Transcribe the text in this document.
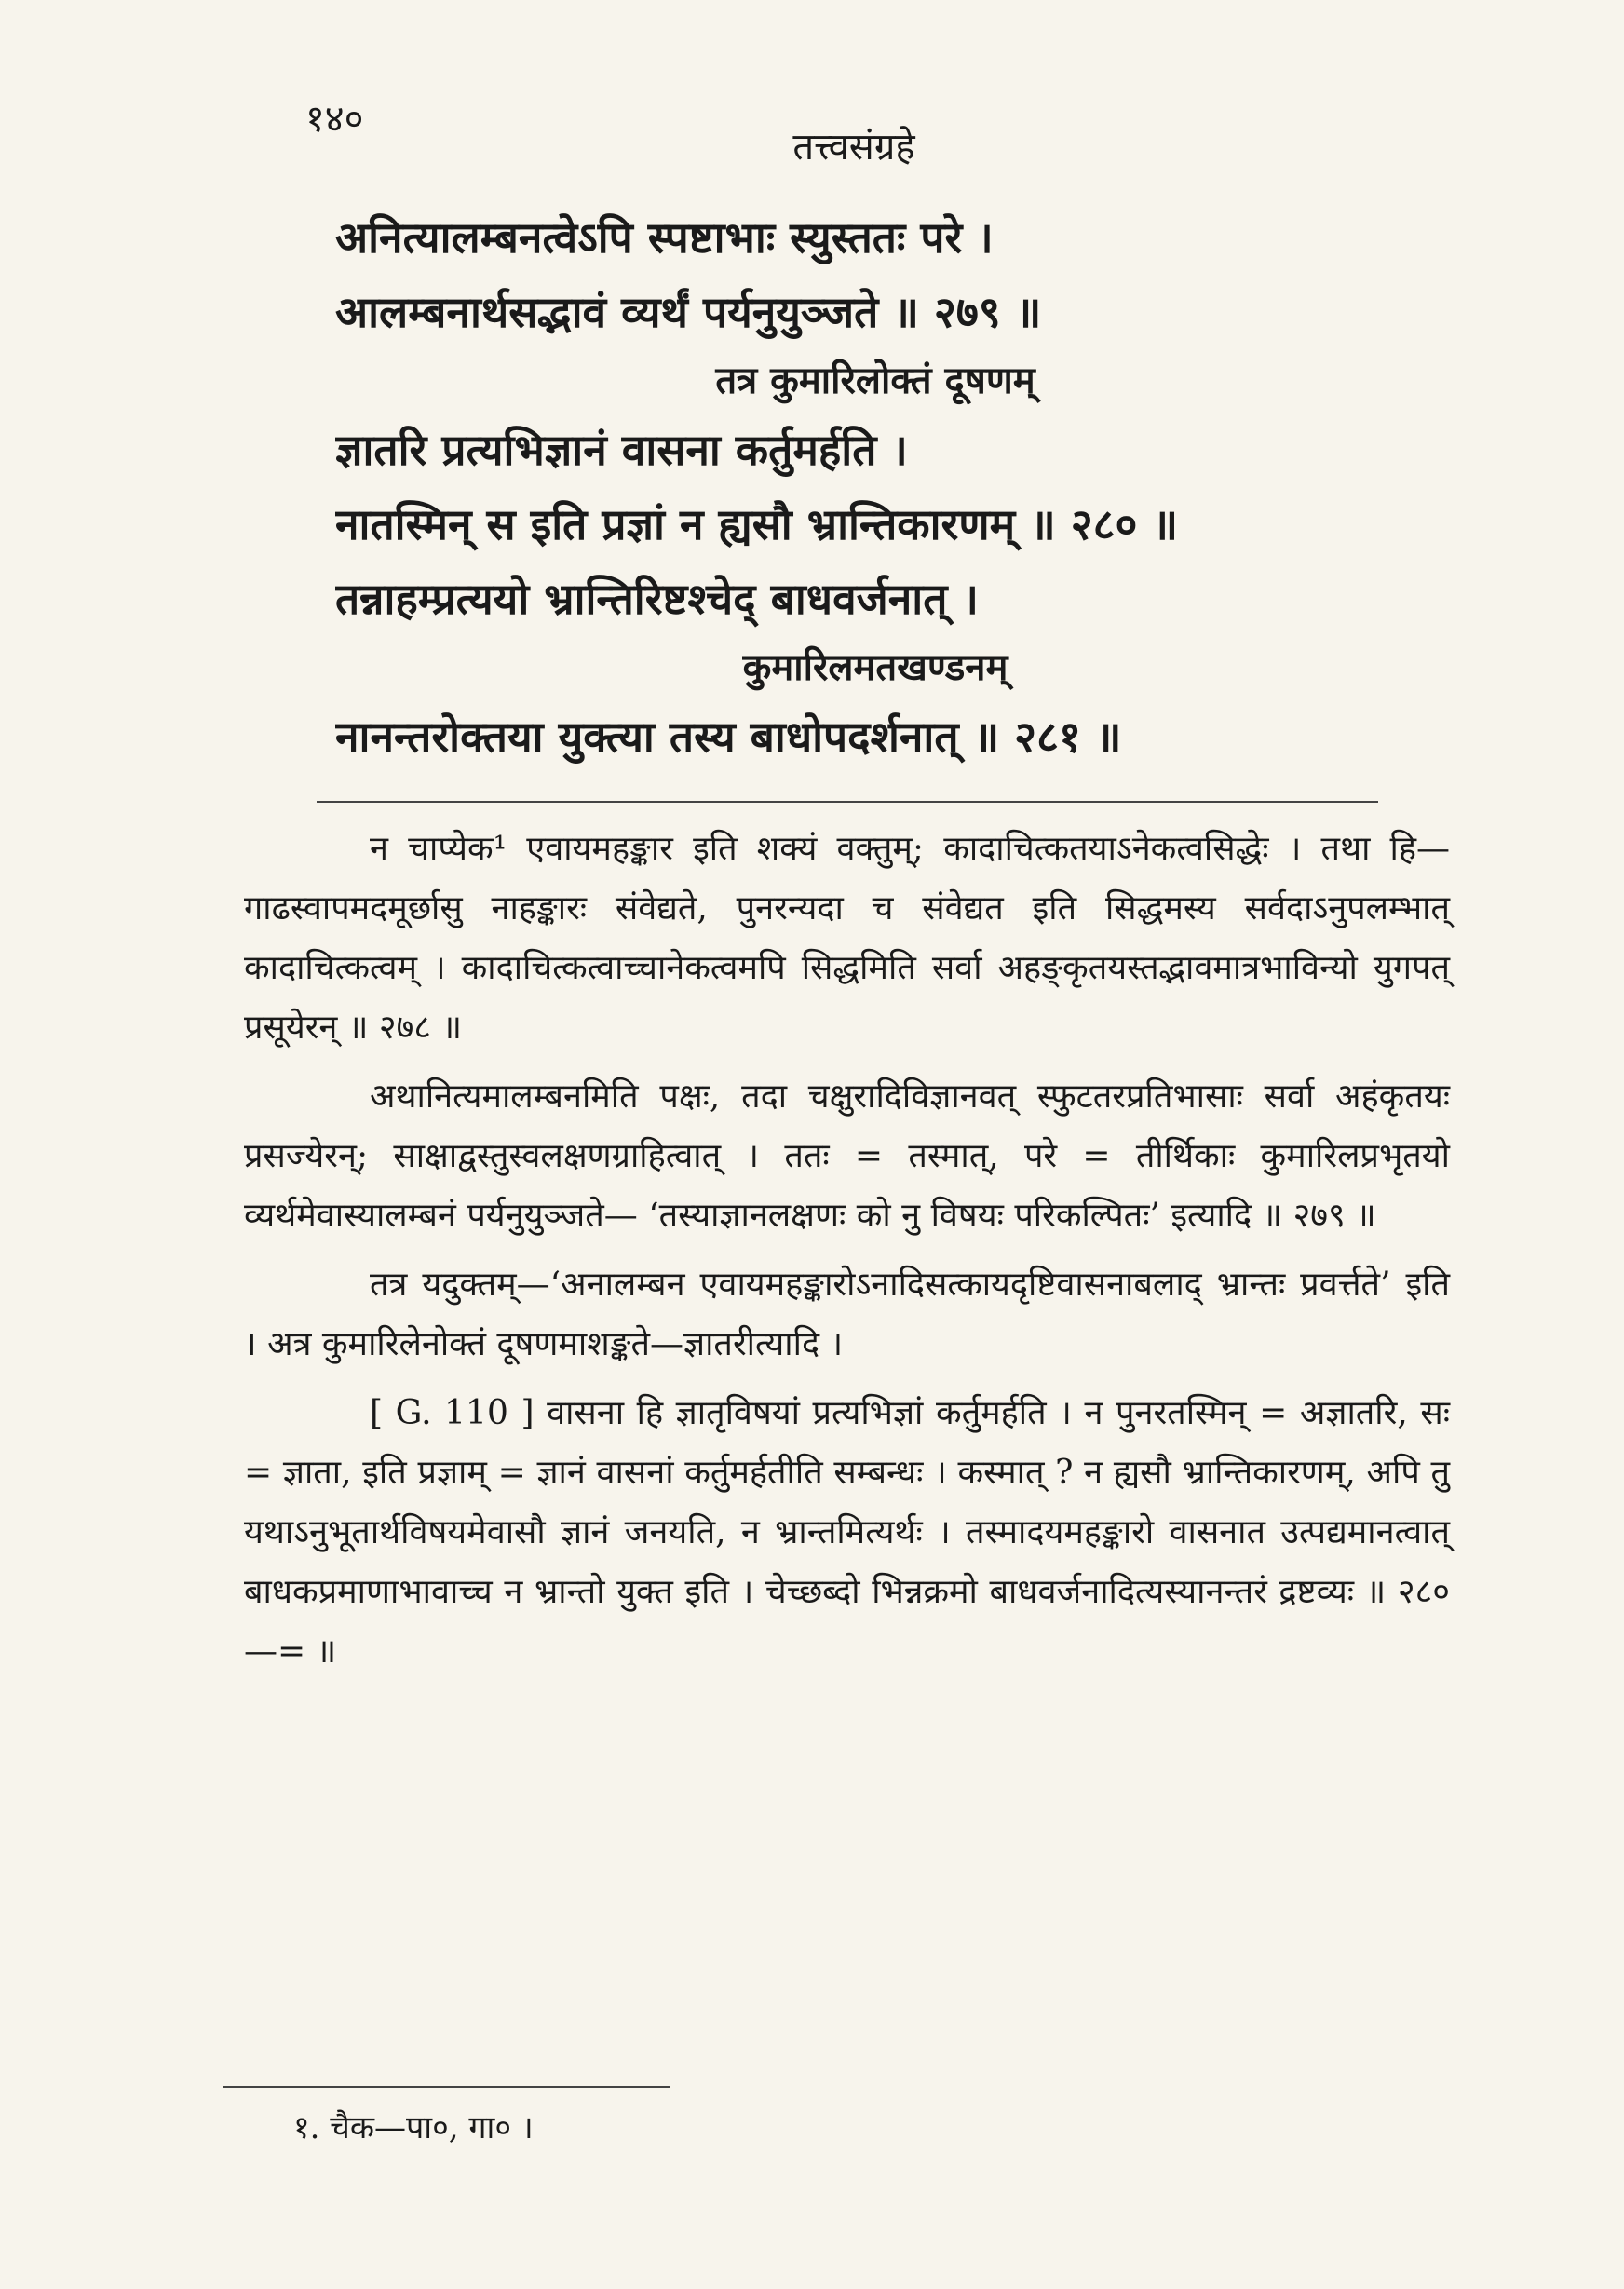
१४०
तत्त्वसंग्रहे
अनित्यालम्बनत्वेऽपि स्पष्टाभाः स्युस्ततः परे ।
आलम्बनार्थसद्भावं व्यर्थं पर्यनुयुञ्जते ॥ २७९ ॥
तत्र कुमारिलोक्तं दूषणम्
ज्ञातरि प्रत्यभिज्ञानं वासना कर्तुमर्हति ।
नातस्मिन् स इति प्रज्ञां न ह्यसौ भ्रान्तिकारणम् ॥ २८० ॥
तन्नाहम्प्रत्ययो भ्रान्तिरिष्टश्चेद् बाधवर्जनात् ।
कुमारिलमतखण्डनम्
नानन्तरोक्तया युक्त्या तस्य बाधोपदर्शनात् ॥ २८१ ॥

न चाप्येक¹ एवायमहङ्कार इति शक्यं वक्तुम्; कादाचित्कतयाऽनेकत्वसिद्धेः । तथा हि—गाढस्वापमदमूर्छासु नाहङ्कारः संवेद्यते, पुनरन्यदा च संवेद्यत इति सिद्धमस्य सर्वदाऽनुपलम्भात् कादाचित्कत्वम् । कादाचित्कत्वाच्चानेकत्वमपि सिद्धमिति सर्वा अहङ्कृतयस्तद्भावमात्रभाविन्यो युगपत् प्रसूयेरन् ॥ २७८ ॥

अथानित्यमालम्बनमिति पक्षः, तदा चक्षुरादिविज्ञानवत् स्फुटतरप्रतिभासाः सर्वा अहंकृतयः प्रसज्येरन्; साक्षाद्वस्तुस्वलक्षणग्राहित्वात् । ततः = तस्मात्, परे = तीर्थिकाः कुमारिलप्रभृतयो व्यर्थमेवास्यालम्बनं पर्यनुयुञ्जते— ‘तस्याज्ञानलक्षणः को नु विषयः परिकल्पितः’ इत्यादि ॥ २७९ ॥

तत्र यदुक्तम्—‘अनालम्बन एवायमहङ्कारोऽनादिसत्कायदृष्टिवासनाबलाद् भ्रान्तः प्रवर्त्तते’ इति । अत्र कुमारिलेनोक्तं दूषणमाशङ्कते—ज्ञातरीत्यादि ।

[ G. 110 ] वासना हि ज्ञातृविषयां प्रत्यभिज्ञां कर्तुमर्हति । न पुनरतस्मिन् = अज्ञातरि, सः = ज्ञाता, इति प्रज्ञाम् = ज्ञानं वासनां कर्तुमर्हतीति सम्बन्धः । कस्मात् ? न ह्यसौ भ्रान्तिकारणम्, अपि तु यथाऽनुभूतार्थविषयमेवासौ ज्ञानं जनयति, न भ्रान्तमित्यर्थः । तस्मादयमहङ्कारो वासनात उत्पद्यमानत्वात् बाधकप्रमाणाभावाच्च न भ्रान्तो युक्त इति । चेच्छब्दो भिन्नक्रमो बाधवर्जनादित्यस्यानन्तरं द्रष्टव्यः ॥ २८०—= ॥

१. चैक—पा०, गा० ।
